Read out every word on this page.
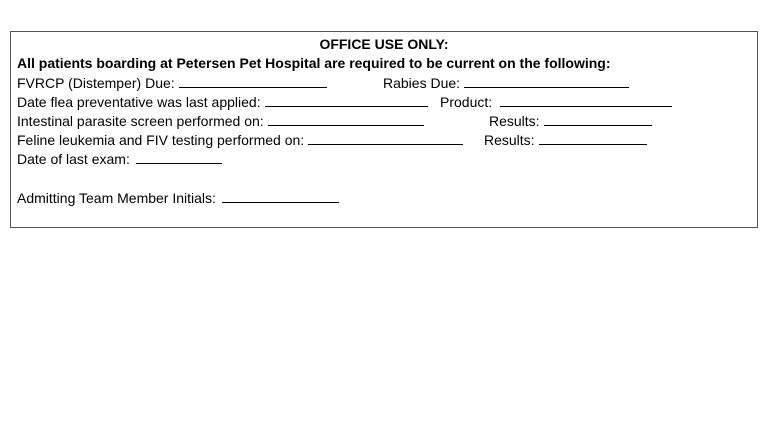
OFFICE USE ONLY:
All patients boarding at Petersen Pet Hospital are required to be current on the following:
FVRCP (Distemper) Due:	Rabies Due:
Date flea preventative was last applied:	Product:
Intestinal parasite screen performed on:	Results:
Feline leukemia and FIV testing performed on:	Results:
Date of last exam:
Admitting Team Member Initials:
